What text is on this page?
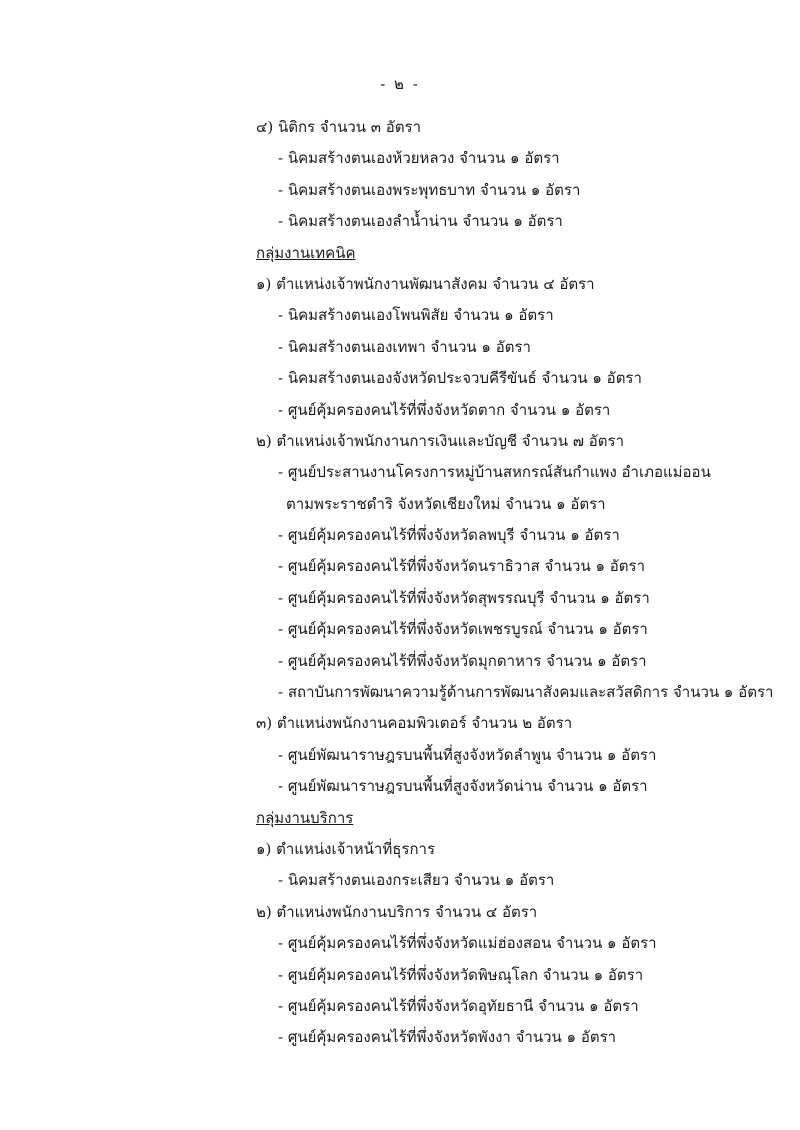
- ๒ -
๔) นิติกร จำนวน ๓ อัตรา
- นิคมสร้างตนเองห้วยหลวง จำนวน ๑ อัตรา
- นิคมสร้างตนเองพระพุทธบาท จำนวน ๑ อัตรา
- นิคมสร้างตนเองลำน้ำน่าน จำนวน ๑ อัตรา
กลุ่มงานเทคนิค
๑) ตำแหน่งเจ้าพนักงานพัฒนาสังคม จำนวน ๔ อัตรา
- นิคมสร้างตนเองโพนพิสัย จำนวน ๑ อัตรา
- นิคมสร้างตนเองเทพา จำนวน ๑ อัตรา
- นิคมสร้างตนเองจังหวัดประจวบคีรีขันธ์ จำนวน ๑ อัตรา
- ศูนย์คุ้มครองคนไร้ที่พึ่งจังหวัดตาก จำนวน ๑ อัตรา
๒) ตำแหน่งเจ้าพนักงานการเงินและบัญชี จำนวน ๗ อัตรา
- ศูนย์ประสานงานโครงการหมู่บ้านสหกรณ์สันกำแพง อำเภอแม่ออน
ตามพระราชดำริ จังหวัดเชียงใหม่ จำนวน ๑ อัตรา
- ศูนย์คุ้มครองคนไร้ที่พึ่งจังหวัดลพบุรี จำนวน ๑ อัตรา
- ศูนย์คุ้มครองคนไร้ที่พึ่งจังหวัดนราธิวาส จำนวน ๑ อัตรา
- ศูนย์คุ้มครองคนไร้ที่พึ่งจังหวัดสุพรรณบุรี จำนวน ๑ อัตรา
- ศูนย์คุ้มครองคนไร้ที่พึ่งจังหวัดเพชรบูรณ์ จำนวน ๑ อัตรา
- ศูนย์คุ้มครองคนไร้ที่พึ่งจังหวัดมุกดาหาร จำนวน ๑ อัตรา
- สถาบันการพัฒนาความรู้ด้านการพัฒนาสังคมและสวัสดิการ จำนวน ๑ อัตรา
๓) ตำแหน่งพนักงานคอมพิวเตอร์ จำนวน ๒ อัตรา
- ศูนย์พัฒนาราษฎรบนพื้นที่สูงจังหวัดลำพูน จำนวน ๑ อัตรา
- ศูนย์พัฒนาราษฎรบนพื้นที่สูงจังหวัดน่าน จำนวน ๑ อัตรา
กลุ่มงานบริการ
๑) ตำแหน่งเจ้าหน้าที่ธุรการ
- นิคมสร้างตนเองกระเสียว จำนวน ๑ อัตรา
๒) ตำแหน่งพนักงานบริการ จำนวน ๔ อัตรา
- ศูนย์คุ้มครองคนไร้ที่พึ่งจังหวัดแม่ฮ่องสอน จำนวน ๑ อัตรา
- ศูนย์คุ้มครองคนไร้ที่พึ่งจังหวัดพิษณุโลก จำนวน ๑ อัตรา
- ศูนย์คุ้มครองคนไร้ที่พึ่งจังหวัดอุทัยธานี จำนวน ๑ อัตรา
- ศูนย์คุ้มครองคนไร้ที่พึ่งจังหวัดพังงา จำนวน ๑ อัตรา
